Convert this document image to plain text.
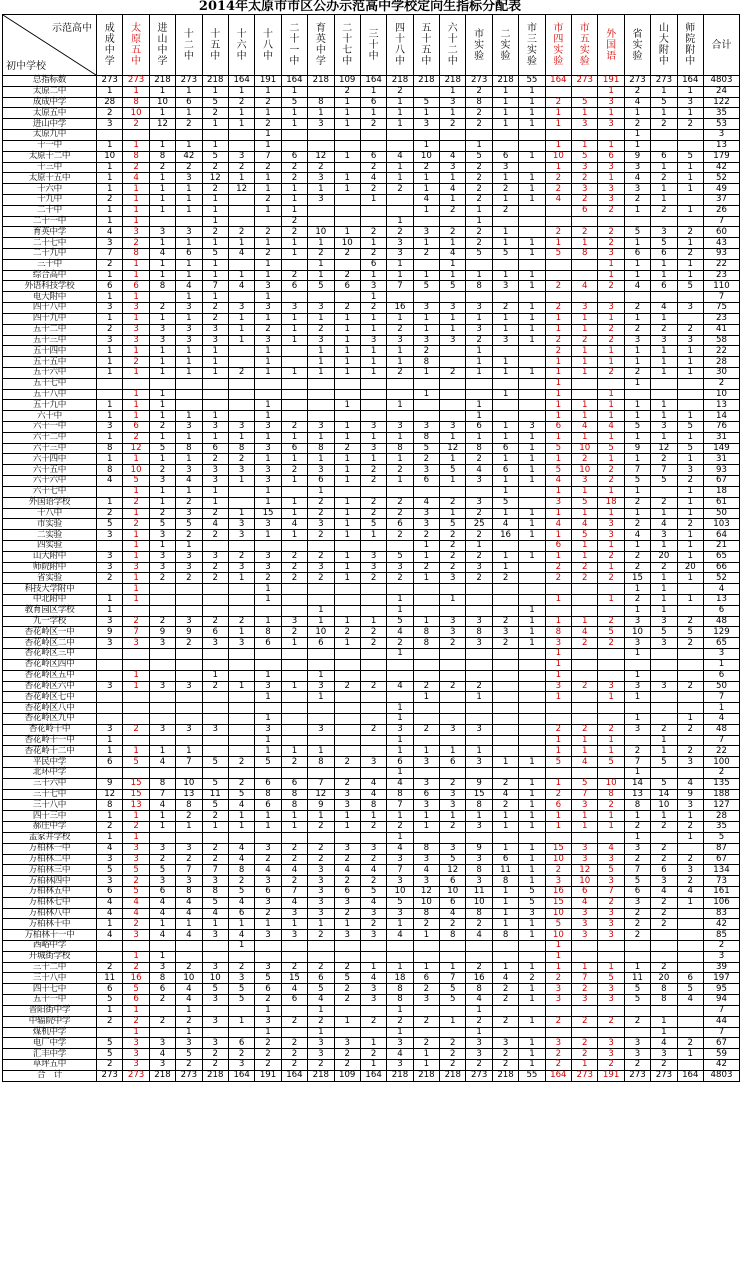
2014年太原市市区公办示范高中学校定向生指标分配表
示范高中
初中学校	成成中学	太原五中	进山中学	十二中	十五中	十六中	十八中	二十一中	育英中学	二十七中	三十中	四十八中	五十五中	六十二中	市实验	二实验	市三实验	市四实验	市五实验	外国语	省实验	山大附中	师院附中	合计
总指标数	273	273	218	273	218	164	191	164	218	109	164	218	218	218	273	218	55	164	273	191	273	273	164	4803
太原二中	1	1	1	1	1	1	1	1		2	1	2		1	2	1	1			1	2	1	1	24
成成中学	28	8	10	6	5	2	2	5	8	1	6	1	5	3	8	1	1	2	5	3	4	5	3	122
太原五中	2	10	1	1	2	1	1	1	1	1	1	1	1	1	2	1	1	1	1	1	1	1	1	35
进山中学	3	2	12	2	1	1	2	1	3	1	2	1	3	2	2	1	1	1	3	3	2	2	2	53
太原九中							1														1			3
十一中	1	1	1	1	1		1						1		1			1	1	1	1			13
太原十二中	10	8	8	42	5	3	7	6	12	1	6	4	10	4	5	6	1	10	5	6	9	6	5	179
十三中	1	2	2	2	2	2	2	2	2		2	1	2	3	2	3		1	3	3	3	1	1	42
太原十五中	1	4	1	3	12	1	1	2	3	1	4	1	1	1	2	1	1	2	2	1	4	2	1	52
十六中	1	1	1	1	2	12	1	1	1	1	2	2	1	4	2	2	1	2	3	3	3	1	1	49
十九中	2	1	1	1	1		2	1	3		1		4	1	2	1	1	4	2	3	2	1		37
二十中	1	1	1	1	1		1	1					1	2	1	2			6	2	1	2	1	26
二十一中	1	1			1			2				1			1									7
育英中学	4	3	3	3	2	2	2	2	10	1	2	2	3	2	2	1		2	2	2	5	3	2	60
二十七中	3	2	1	1	1	1	1	1	1	10	1	3	1	1	2	1	1	1	1	2	1	5	1	43
二十九中	7	8	4	6	5	4	2	1	2	2	2	3	2	4	5	5	1	5	8	3	6	6	2	93
三十中	2	1	1	1	1		1		1		6	1		1						1	1	1	1	22
综合高中	1	1	1	1	1	1	1	2	1	2	1	1	1	1	1	1	1			1	1	1	1	23
外语科技学校	6	6	8	4	7	4	3	6	5	6	3	7	5	5	8	3	1	2	4	2	4	6	5	110
电大附中	1	1		1	1		1				1													7
四十八中	3	3	2	3	2	3	3	3	3	2	2	16	3	3	3	2	1	2	3	3	2	4	3	75
四十九中	1	1	1	1	2	1	1	1	1	1	1	1	1	1	1	1	1	1	1	1	1	1		23
五十二中	2	3	3	3	3	1	2	1	2	1	1	2	1	1	3	1	1	1	1	2	2	2	2	41
五十三中	3	3	3	3	3	1	3	1	3	1	3	3	3	3	2	3	1	2	2	2	3	3	3	58
五十四中	1	1	1	1	1		1		1	1	1	1	2		1			2	1	1	1	1	1	22
五十五中	1	2	1	1	1		1		1	1	1	1	8		1	1		1	1	1	1	1	1	28
五十六中	1	1	1	1	1	2	1	1	1	1	1	2	1	2	1	1	1	1	1	2	2	1	1	30
五十七中																		1			1			2
五十八中		1	1										1			1		1		1				10
五十九中	1	1	1				1			1		1			1			1	1	1	1	1		13
六十中	1	1	1	1	1		1								1			1	1	1	1	1	1	14
六十一中	3	6	2	3	3	3	3	2	3	1	3	3	3	3	6	1	3	6	4	4	5	3	5	76
六十二中	1	2	1	1	1	1	1	1	1	1	1	1	8	1	1	1	1	1	1	1	1	1	1	31
六十三中	8	12	5	8	6	8	3	6	8	2	3	8	5	12	8	6	1	5	10	5	9	12	5	149
六十四中	1	1	1	1	2	2	1	1	1	1	1	1	2	1	2	1	1	1	2	1	1	2	1	31
六十五中	8	10	2	3	3	3	3	2	3	1	2	2	3	5	4	6	1	5	10	2	7	7	3	93
六十六中	4	5	3	4	3	1	3	1	6	1	2	1	6	1	3	1	1	4	3	2	5	5	2	67
六十七中		1	1	1	1		1		1							1		1	1	1	1		1	18
外国语学校	1	2	1	2	1		1	1	2	1	2	2	4	2	3	5		3	5	18	2	2	1	61
十八中	2	1	2	3	2	1	15	1	2	1	2	2	3	1	2	1	1	1	1	1	1	1	1	50
市实验	5	2	5	5	4	3	3	4	3	1	5	6	3	5	25	4	1	4	4	3	2	4	2	103
二实验	3	1	3	2	2	3	1	1	2	1	1	2	2	2	2	16	1	1	5	3	4	3	1	64
四实验		1	1	1									1	2	1			6	1	1	1	1	1	21
山大附中	3	1	3	3	3	2	3	2	2	1	3	5	1	2	2	1	1	1	1	2	2	20	1	65
师院附中	3	3	3	3	2	3	3	2	3	1	3	3	2	2	3	1		2	2	1	2	2	20	66
省实验	2	1	2	2	2	1	2	2	2	1	2	2	1	3	2	2		2	2	2	15	1	1	52
科技大学附中		1					1														1	1		4
中北附中	1	1					1					1		1				1		1	2	1	1	13
教育园区学校	1								1			1					1				1	1		6
九一学校	3	2	2	3	2	2	1	3	1	1	1	5	1	3	3	2	1	1	1	2	3	3	2	48
杏花岭区一中	9	7	9	9	6	1	8	2	10	2	2	4	8	3	8	3	1	8	4	5	10	5	5	129
杏花岭区二中	3	3	3	2	3	3	6	1	6	1	2	2	8	2	3	2	1	3	2	2	3	3	2	65
杏花岭区三中												1						1			1			3
杏花岭区四中																		1						1
杏花岭区五中		1			1		1		1									1			1			6
杏花岭区六中	3	1	3	3	2	1	3	1	3	2	2	4	2	2	2			3	2	3	3	3	2	50
杏花岭区七中							1		1				1		1			1		1	1			7
杏花岭区八中												1												1
杏花岭区九中							1					1									1		1	4
杏花岭十中	3	2	3	3	3		3		3		2	3	2	3	3			2	2	2	3	2	2	48
杏花岭十一中	1						1					1						1	1	1		1		7
杏花岭十二中	1	1	1	1			1	1	1			1	1	1	1			1	1	1	2	1	2	22
平民中学	6	5	4	7	5	2	5	2	8	2	3	6	3	6	3	1	1	5	4	5	7	5	3	100
北环中学												1									1			2
三十六中	9	15	8	10	5	2	6	6	7	2	4	4	3	2	9	2	1	1	5	10	14	5	4	135
三十七中	12	15	7	13	11	5	8	8	12	3	4	8	6	3	15	4	1	2	7	8	13	14	9	188
三十八中	8	13	4	8	5	4	6	8	9	3	8	7	3	3	8	2	1	6	3	2	8	10	3	127
四十三中	1	1	1	2	2	1	1	1	1	1	1	1	1	1	1	1	1	1	1	1	1	1	1	28
郝庄中学	2	2	1	1	1	1	1	1	2	1	2	2	1	2	3	1	1	1	1	1	2	2	2	35
孟家井学校	1	1										1									1		1	5
万柏林一中	4	3	3	3	2	4	3	2	2	3	3	4	8	3	9	1	1	15	3	4	3	2		87
万柏林二中	3	3	2	2	2	4	2	2	2	2	2	3	3	5	3	6	1	10	3	3	2	2	2	67
万柏林三中	5	5	5	7	7	8	4	4	3	4	4	7	4	12	8	11	1	2	12	5	7	6	3	134
万柏林四中	3	2	3	3	3	2	3	2	3	2	2	3	3	6	3	8	1	3	10	3	5	3	2	73
万柏林五中	6	5	6	8	8	5	6	7	3	6	5	10	12	10	11	1	5	16	6	7	6	4	4	161
万柏林七中	4	4	4	4	5	4	3	4	3	3	4	5	10	6	10	1	5	15	4	2	3	2	1	106
万柏林八中	4	4	4	4	4	6	2	3	3	2	3	3	8	4	8	1	3	10	3	3	2	2		83
万柏林十中	1	2	1	1	1	1	1	1	1	1	2	1	2	2	2	1	1	5	3	3	2	2		42
万柏林十一中	4	3	4	4	3	4	3	3	2	3	3	4	1	8	4	8	1	10	3	3	2			85
西峪中学						1												1						2
开城街学校		1	1															1						3
三十二中	2	2	3	2	3	2	3	2	2	2	1	1	1	1	2	1	1	1	1	1	1	2		39
三十八中	11	16	8	10	10	3	5	15	6	5	4	18	6	7	16	4	2	2	7	5	11	20	6	197
四十七中	6	5	6	4	5	5	6	4	5	2	3	8	2	5	8	2	1	3	2	3	5	8	5	95
五十一中	5	6	2	4	3	5	2	6	4	2	3	8	3	5	4	2	1	3	3	3	5	8	4	94
晋阳街中学	1	1		1			1		1			1			1									7
中辐院中学	2	2	2	2	3	1	3	2	2	1	2	2	2	1	2	2	1	2	2	2	2	1		44
煤机中学		1		1			1		1			1			1							1		7
电厂中学	5	3	3	3	3	6	2	2	3	3	1	3	2	2	3	3	1	3	2	3	3	4	2	67
汇丰中学	5	3	4	5	2	2	2	2	3	2	2	4	1	2	3	2	1	2	2	3	3	3	1	59
草坪五中	2	3	3	2	2	3	2	2	2	2	1	3	1	2	2	2	1	2	1	2	2	2		42
合　计	273	273	218	273	218	164	191	164	218	109	164	218	218	218	273	218	55	164	273	191	273	273	164	4803
